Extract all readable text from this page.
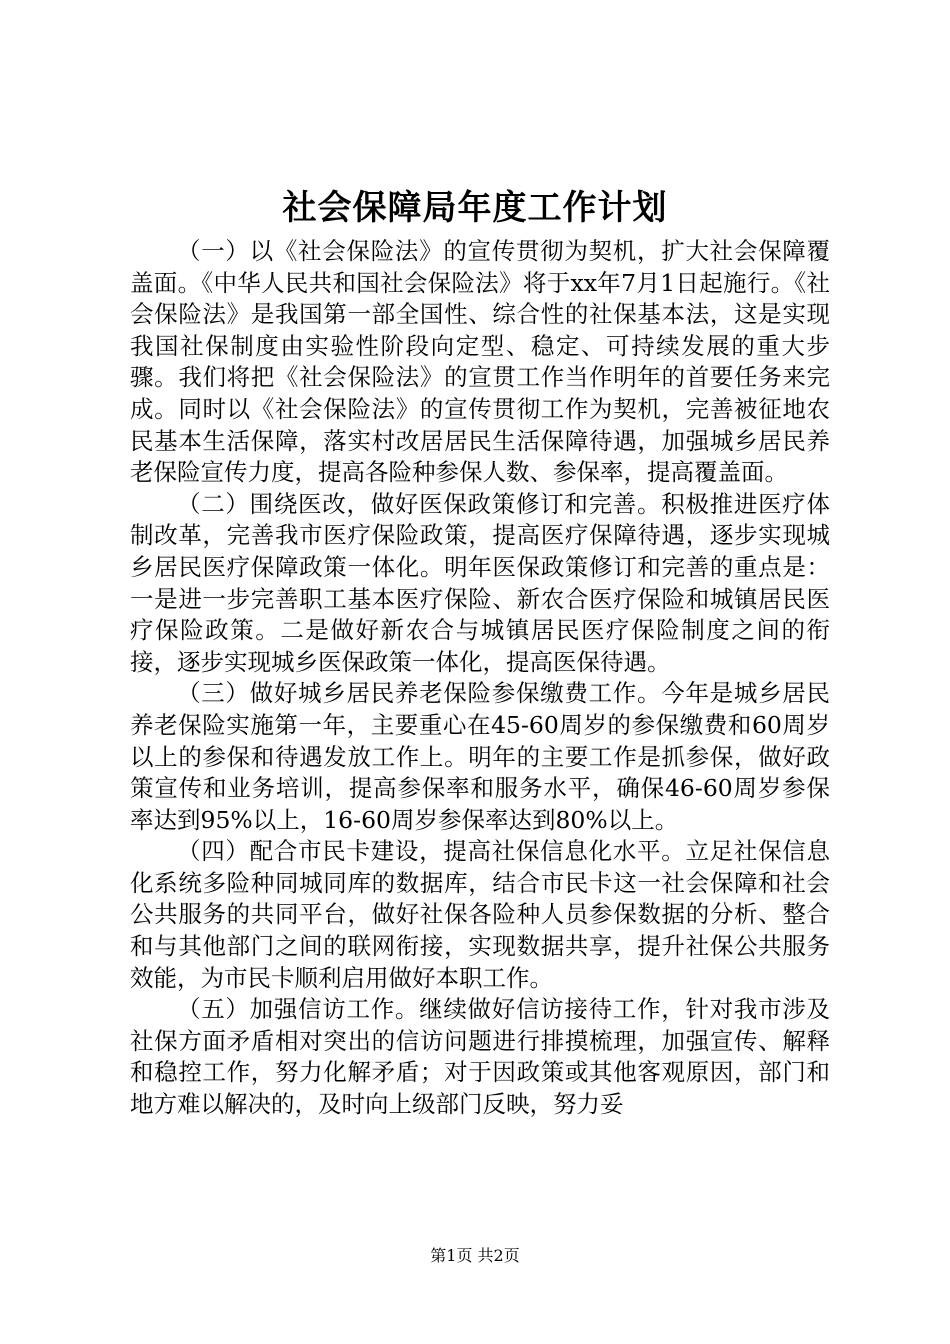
社会保障局年度工作计划

（一）以《社会保险法》的宣传贯彻为契机，扩大社会保障覆盖面。《中华人民共和国社会保险法》将于xx年7月1日起施行。《社会保险法》是我国第一部全国性、综合性的社保基本法，这是实现我国社保制度由实验性阶段向定型、稳定、可持续发展的重大步骤。我们将把《社会保险法》的宣贯工作当作明年的首要任务来完成。同时以《社会保险法》的宣传贯彻工作为契机，完善被征地农民基本生活保障，落实村改居居民生活保障待遇，加强城乡居民养老保险宣传力度，提高各险种参保人数、参保率，提高覆盖面。

（二）围绕医改，做好医保政策修订和完善。积极推进医疗体制改革，完善我市医疗保险政策，提高医疗保障待遇，逐步实现城乡居民医疗保障政策一体化。明年医保政策修订和完善的重点是：一是进一步完善职工基本医疗保险、新农合医疗保险和城镇居民医疗保险政策。二是做好新农合与城镇居民医疗保险制度之间的衔接，逐步实现城乡医保政策一体化，提高医保待遇。

（三）做好城乡居民养老保险参保缴费工作。今年是城乡居民养老保险实施第一年，主要重心在45-60周岁的参保缴费和60周岁以上的参保和待遇发放工作上。明年的主要工作是抓参保，做好政策宣传和业务培训，提高参保率和服务水平，确保46-60周岁参保率达到95%以上，16-60周岁参保率达到80%以上。

（四）配合市民卡建设，提高社保信息化水平。立足社保信息化系统多险种同城同库的数据库，结合市民卡这一社会保障和社会公共服务的共同平台，做好社保各险种人员参保数据的分析、整合和与其他部门之间的联网衔接，实现数据共享，提升社保公共服务效能，为市民卡顺利启用做好本职工作。

（五）加强信访工作。继续做好信访接待工作，针对我市涉及社保方面矛盾相对突出的信访问题进行排摸梳理，加强宣传、解释和稳控工作，努力化解矛盾；对于因政策或其他客观原因，部门和地方难以解决的，及时向上级部门反映，努力妥

第1页 共2页
